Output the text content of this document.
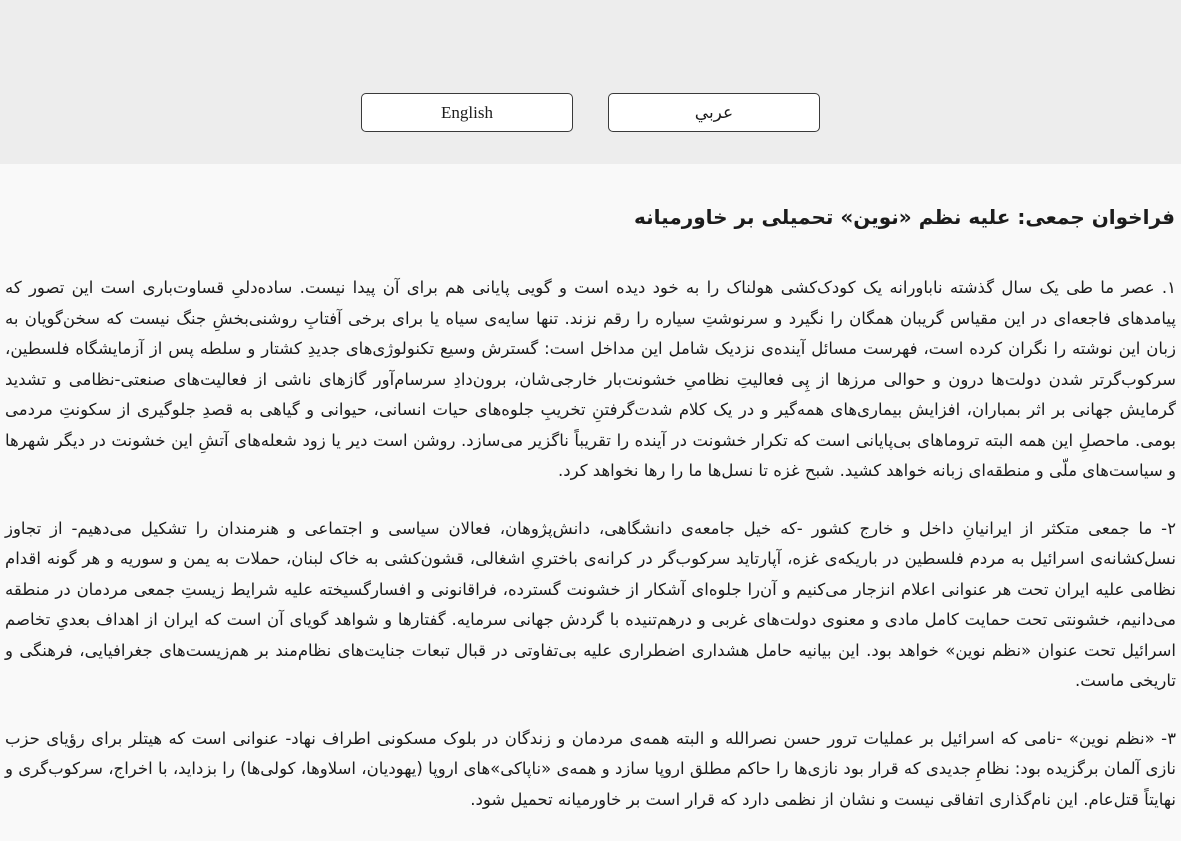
English	عربي
فراخوان جمعی: علیه نظم «نوین» تحمیلی بر خاورمیانه

۱. عصر ما طی یک سال گذشته ناباورانه یک کودک‌کشی هولناک را به خود دیده است و گویی پایانی هم برای آن پیدا نیست. ساده‌دلیِ قساوت‌باری است این تصور که پیامدهای فاجعه‌ای در این مقیاس گریبان همگان را نگیرد و سرنوشتِ سیاره را رقم نزند. تنها سایه‌ی سیاه یا برای برخی آفتابِ روشنی‌بخشِ جنگ نیست که سخن‌گویان به زبان این نوشته را نگران کرده است، فهرست مسائل آینده‌ی نزدیک شامل این مداخل است: گسترش وسیع تکنولوژی‌های جدیدِ کشتار و سلطه پس از آزمایشگاه فلسطین، سرکوب‌گرتر شدن دولت‌ها درون و حوالی مرزها از پِی فعالیتِ نظامیِ خشونت‌بار خارجی‌شان، برون‌دادِ سرسام‌آور گازهای ناشی از فعالیت‌های صنعتی-نظامی و تشدید گرمایش جهانی بر اثر بمباران، افزایش بیماری‌های همه‌گیر و در یک کلام شدت‌گرفتنِ تخریبِ جلوه‌های حیات انسانی، حیوانی و گیاهی به قصدِ جلوگیری از سکونتِ مردمی بومی. ماحصلِ این همه البته تروماهای بی‌پایانی است که تکرار خشونت در آینده را تقریباً ناگزیر می‌سازد. روشن است دیر یا زود شعله‌های آتشِ این خشونت در دیگر شهرها و سیاست‌های ملّی و منطقه‌ای زبانه خواهد کشید. شبح غزه تا نسل‌ها ما را رها نخواهد کرد.

۲- ما جمعی متکثر از ایرانیانِ داخل و خارج کشور -که خیل جامعه‌ی دانشگاهی، دانش‌پژوهان، فعالان سیاسی و اجتماعی و هنرمندان را تشکیل می‌دهیم- از تجاوز نسل‌کشانه‌ی اسرائیل به مردم فلسطین در باریکه‌ی غزه، آپارتاید سرکوب‌گر در کرانه‌ی باختریِ اشغالی، قشون‌کشی به خاک لبنان، حملات به یمن و سوریه و هر گونه اقدام نظامی علیه ایران تحت هر عنوانی اعلام انزجار می‌کنیم و آن‌را جلوه‌ای آشکار از خشونت گسترده، فراقانونی و افسارگسیخته علیه شرایط زیستِ جمعی مردمان در منطقه می‌دانیم، خشونتی تحت حمایت کامل مادی و معنوی دولت‌های غربی و درهم‌تنیده با گردش جهانی سرمایه. گفتارها و شواهد گویای آن است که ایران از اهداف بعدیِ تخاصم اسرائیل تحت عنوان «نظم نوین» خواهد بود. این بیانیه حامل هشداری اضطراری علیه بی‌تفاوتی در قبال تبعات جنایت‌های نظام‌مند بر هم‌زیست‌های جغرافیایی، فرهنگی و تاریخی ماست.

۳- «نظم نوین» -نامی که اسرائیل بر عملیات ترور حسن نصرالله و البته همه‌ی مردمان و زندگان در بلوک مسکونی اطراف نهاد- عنوانی است که هیتلر برای رؤیای حزب نازی آلمان برگزیده بود: نظامِ جدیدی که قرار بود نازی‌ها را حاکم مطلق اروپا سازد و همه‌ی «ناپاکی»های اروپا (یهودیان، اسلاوها، کولی‌ها) را بزداید، با اخراج، سرکوب‌گری و نهایتاً قتل‌عام. این نام‌گذاری اتفاقی نیست و نشان از نظمی دارد که قرار است بر خاورمیانه تحمیل شود.
